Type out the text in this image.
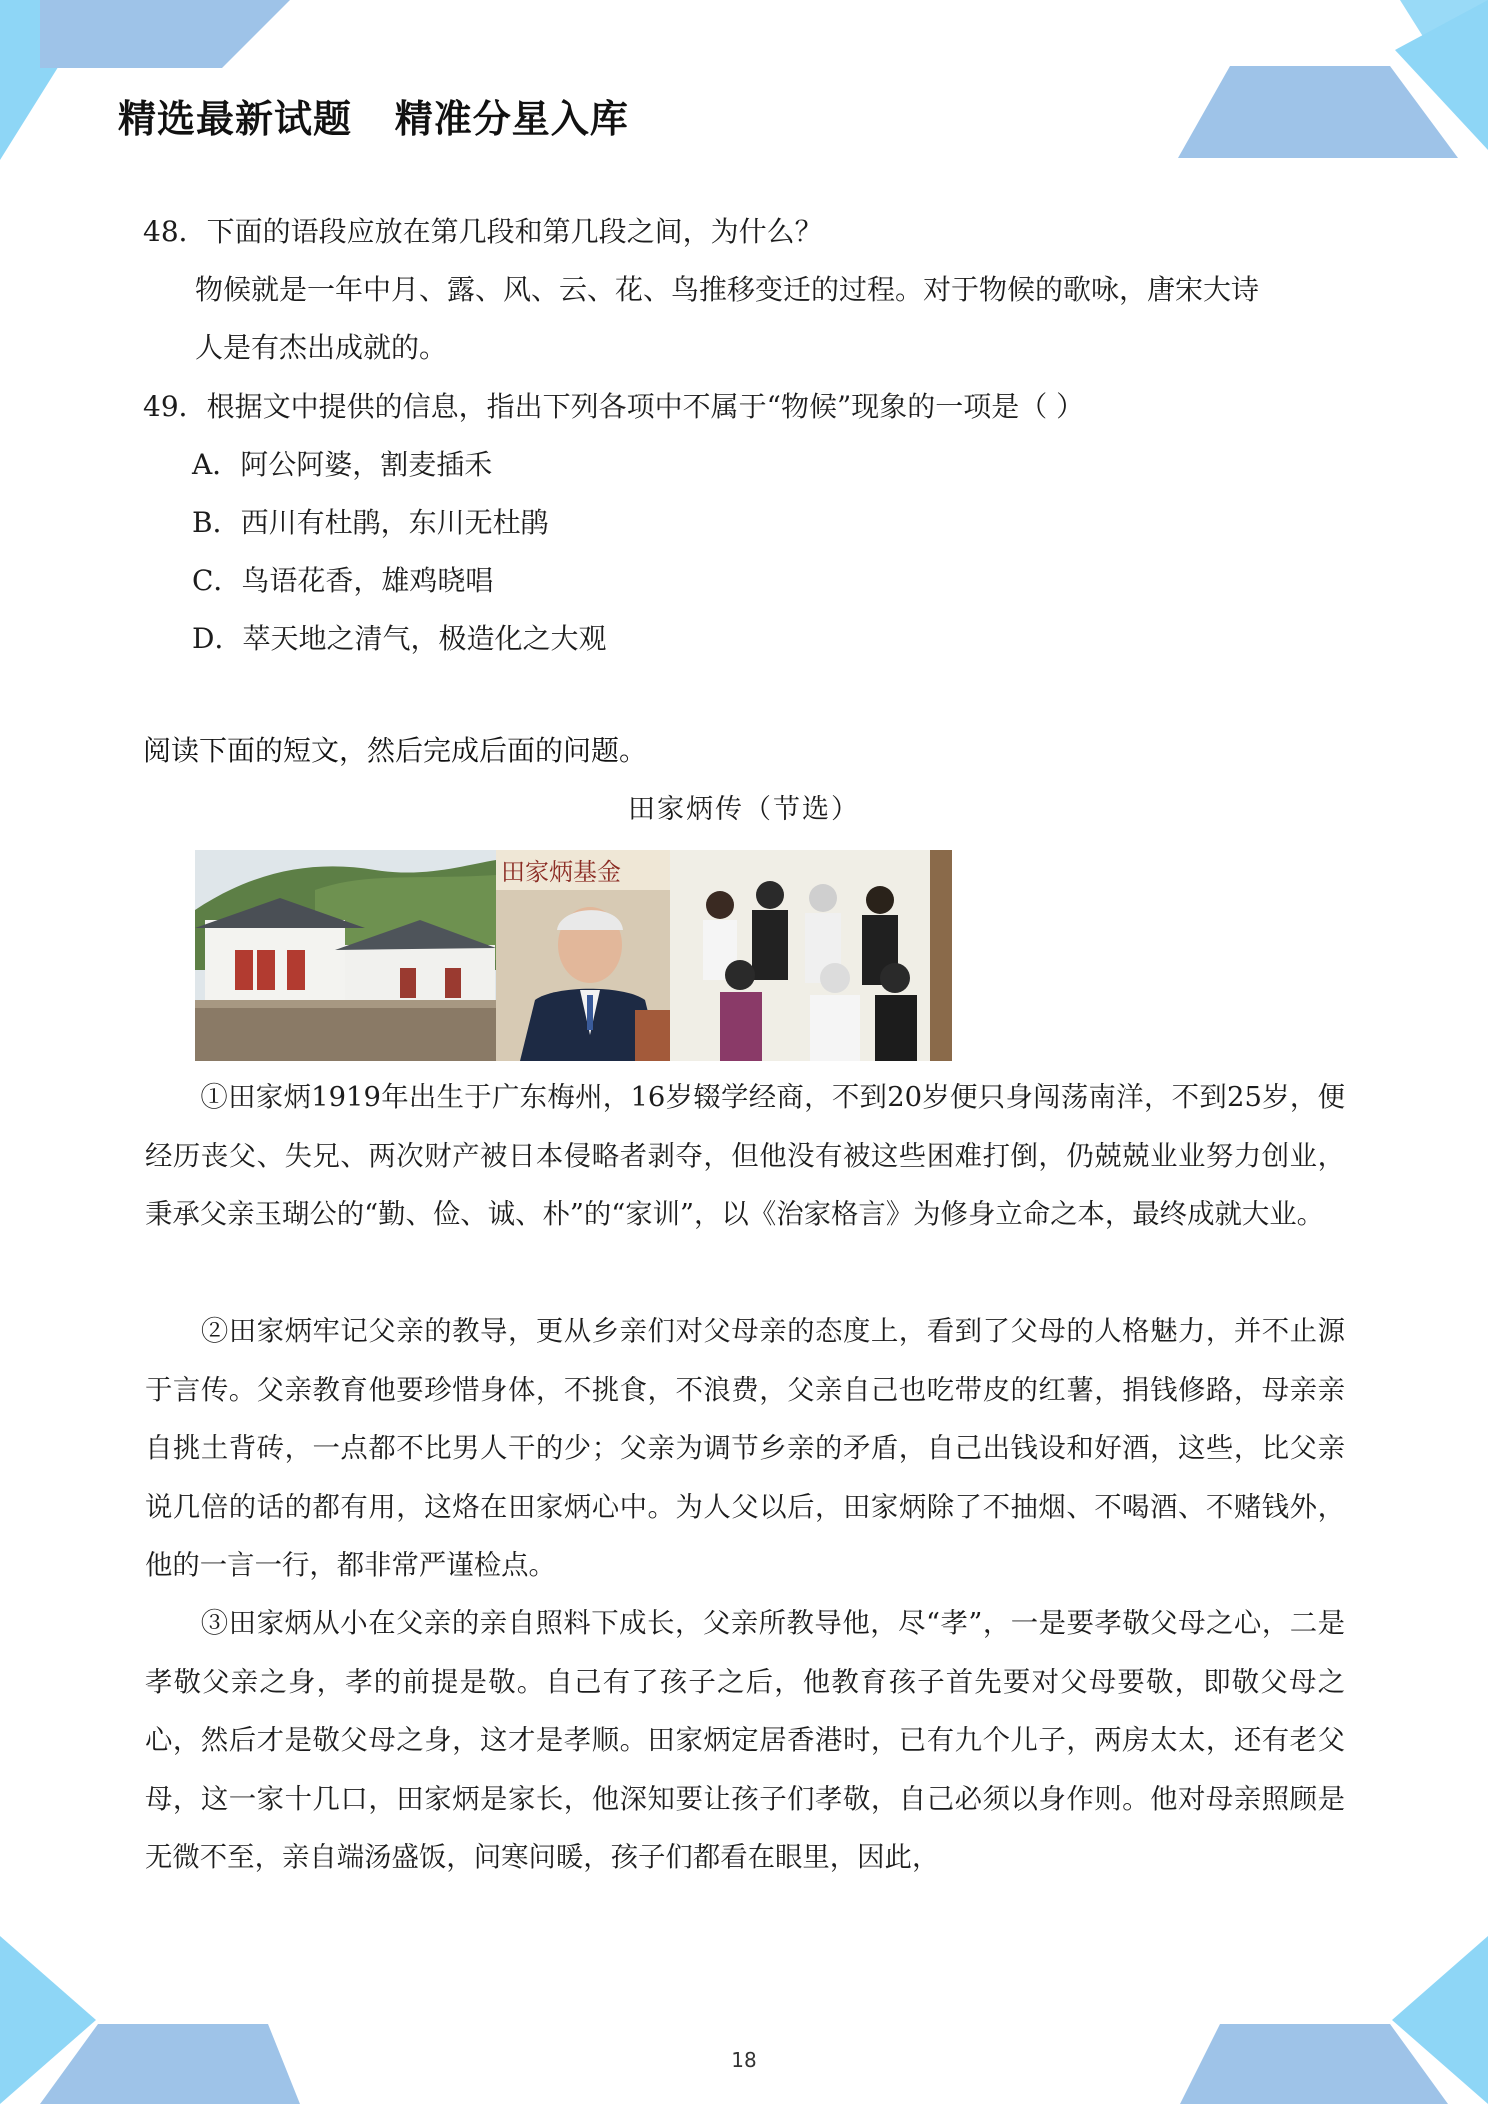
精选最新试题   精准分星入库
48．下面的语段应放在第几段和第几段之间，为什么？
物候就是一年中月、露、风、云、花、鸟推移变迁的过程。对于物候的歌咏，唐宋大诗
人是有杰出成就的。
49．根据文中提供的信息，指出下列各项中不属于“物候”现象的一项是（ ）
A．阿公阿婆，割麦插禾
B．西川有杜鹃，东川无杜鹃
C．鸟语花香，雄鸡晓唱
D．萃天地之清气，极造化之大观
阅读下面的短文，然后完成后面的问题。
田家炳传（节选）
田家炳基金

　　①田家炳1919年出生于广东梅州，16岁辍学经商，不到20岁便只身闯荡南洋，不到25岁，便经历丧父、失兄、两次财产被日本侵略者剥夺，但他没有被这些困难打倒，仍兢兢业业努力创业，秉承父亲玉瑚公的“勤、俭、诚、朴”的“家训”，以《治家格言》为修身立命之本，最终成就大业。

　　②田家炳牢记父亲的教导，更从乡亲们对父母亲的态度上，看到了父母的人格魅力，并不止源于言传。父亲教育他要珍惜身体，不挑食，不浪费，父亲自己也吃带皮的红薯，捐钱修路，母亲亲自挑土背砖，一点都不比男人干的少；父亲为调节乡亲的矛盾，自己出钱设和好酒，这些，比父亲说几倍的话的都有用，这烙在田家炳心中。为人父以后，田家炳除了不抽烟、不喝酒、不赌钱外，他的一言一行，都非常严谨检点。

　　③田家炳从小在父亲的亲自照料下成长，父亲所教导他，尽“孝”，一是要孝敬父母之心，二是孝敬父亲之身，孝的前提是敬。自己有了孩子之后，他教育孩子首先要对父母要敬，即敬父母之心，然后才是敬父母之身，这才是孝顺。田家炳定居香港时，已有九个儿子，两房太太，还有老父母，这一家十几口，田家炳是家长，他深知要让孩子们孝敬，自己必须以身作则。他对母亲照顾是无微不至，亲自端汤盛饭，问寒问暖，孩子们都看在眼里，因此，

18
